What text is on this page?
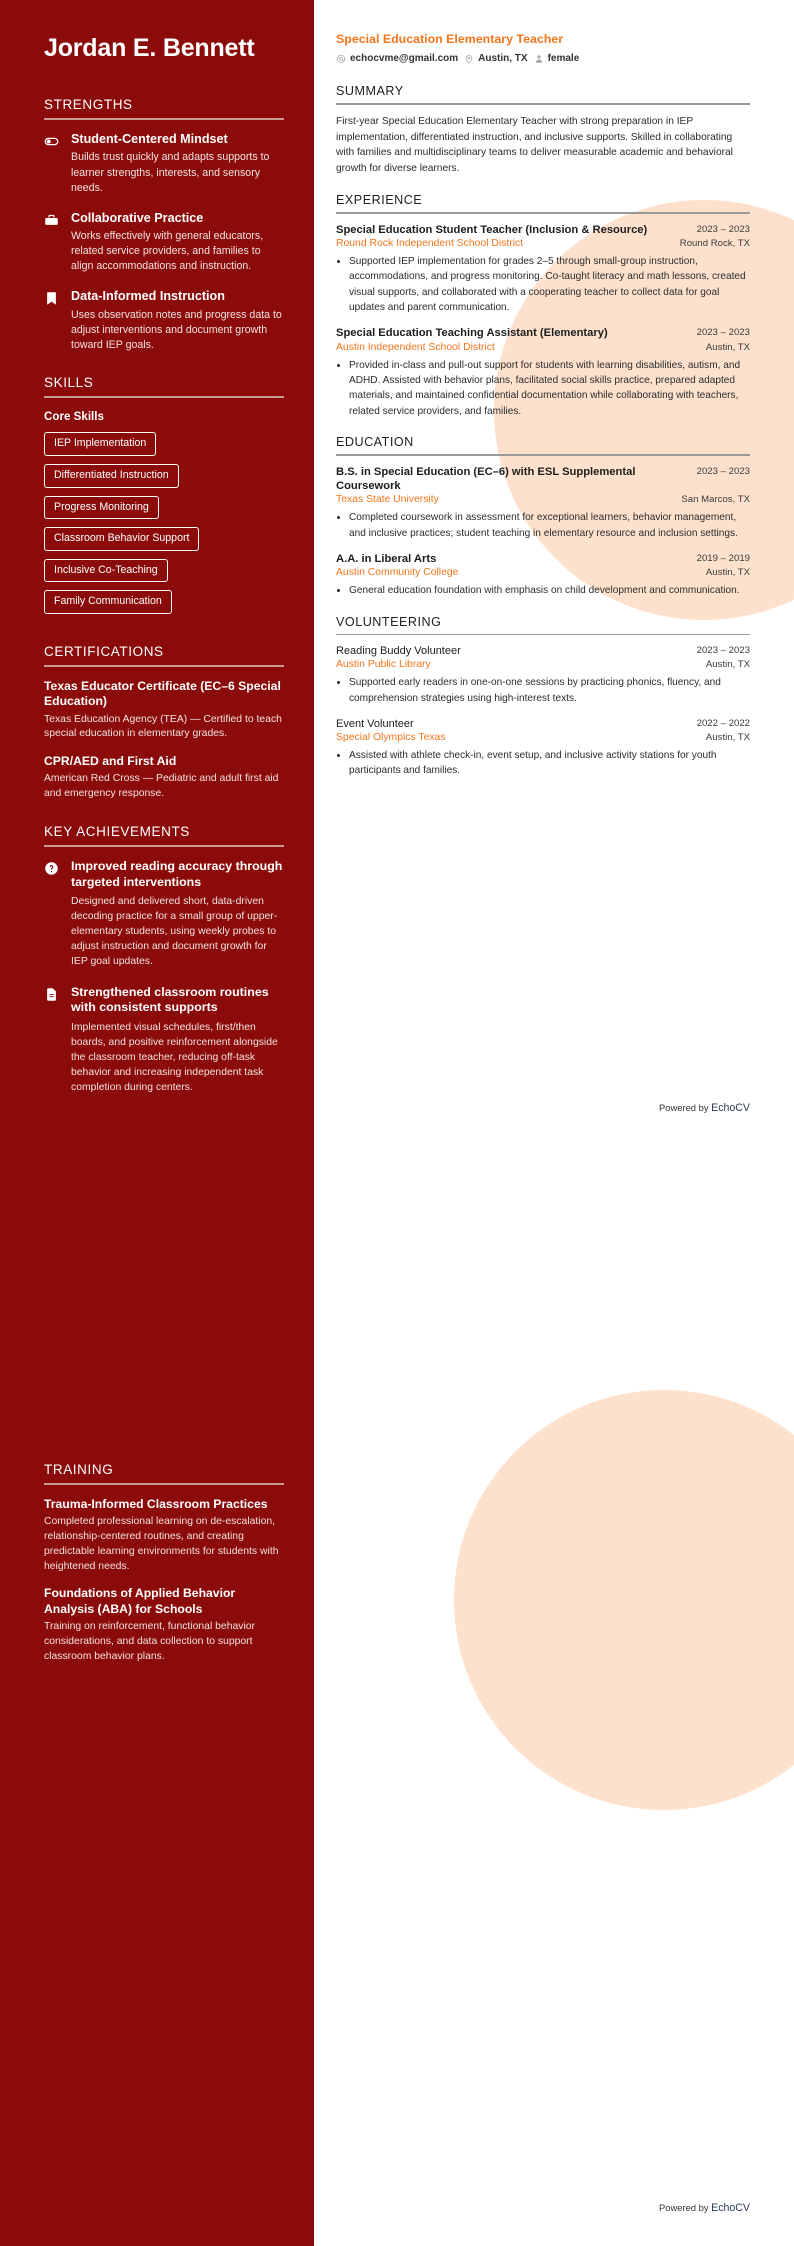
Jordan E. Bennett
STRENGTHS
Student-Centered Mindset
Builds trust quickly and adapts supports to learner strengths, interests, and sensory needs.
Collaborative Practice
Works effectively with general educators, related service providers, and families to align accommodations and instruction.
Data-Informed Instruction
Uses observation notes and progress data to adjust interventions and document growth toward IEP goals.
SKILLS
Core Skills
IEP Implementation
Differentiated Instruction
Progress Monitoring
Classroom Behavior Support
Inclusive Co-Teaching
Family Communication
CERTIFICATIONS
Texas Educator Certificate (EC–6 Special Education)
Texas Education Agency (TEA) — Certified to teach special education in elementary grades.
CPR/AED and First Aid
American Red Cross — Pediatric and adult first aid and emergency response.
KEY ACHIEVEMENTS
Improved reading accuracy through targeted interventions
Designed and delivered short, data-driven decoding practice for a small group of upper-elementary students, using weekly probes to adjust instruction and document growth for IEP goal updates.
Strengthened classroom routines with consistent supports
Implemented visual schedules, first/then boards, and positive reinforcement alongside the classroom teacher, reducing off-task behavior and increasing independent task completion during centers.
TRAINING
Trauma-Informed Classroom Practices
Completed professional learning on de-escalation, relationship-centered routines, and creating predictable learning environments for students with heightened needs.
Foundations of Applied Behavior Analysis (ABA) for Schools
Training on reinforcement, functional behavior considerations, and data collection to support classroom behavior plans.
Special Education Elementary Teacher
echocvme@gmail.com Austin, TX female
SUMMARY

First-year Special Education Elementary Teacher with strong preparation in IEP implementation, differentiated instruction, and inclusive supports. Skilled in collaborating with families and multidisciplinary teams to deliver measurable academic and behavioral growth for diverse learners.

EXPERIENCE
Special Education Student Teacher (Inclusion & Resource)	2023 – 2023
Round Rock Independent School District	Round Rock, TX
• Supported IEP implementation for grades 2–5 through small-group instruction, accommodations, and progress monitoring. Co-taught literacy and math lessons, created visual supports, and collaborated with a cooperating teacher to collect data for goal updates and parent communication.
Special Education Teaching Assistant (Elementary)	2023 – 2023
Austin Independent School District	Austin, TX
• Provided in-class and pull-out support for students with learning disabilities, autism, and ADHD. Assisted with behavior plans, facilitated social skills practice, prepared adapted materials, and maintained confidential documentation while collaborating with teachers, related service providers, and families.
EDUCATION
B.S. in Special Education (EC–6) with ESL Supplemental Coursework
2023 – 2023
Texas State University	San Marcos, TX
• Completed coursework in assessment for exceptional learners, behavior management, and inclusive practices; student teaching in elementary resource and inclusion settings.
A.A. in Liberal Arts	2019 – 2019
Austin Community College	Austin, TX
• General education foundation with emphasis on child development and communication.
VOLUNTEERING
Reading Buddy Volunteer	2023 – 2023
Austin Public Library	Austin, TX
• Supported early readers in one-on-one sessions by practicing phonics, fluency, and comprehension strategies using high-interest texts.
Event Volunteer	2022 – 2022
Special Olympics Texas	Austin, TX
• Assisted with athlete check-in, event setup, and inclusive activity stations for youth participants and families.
Powered by EchoCV
Powered by EchoCV
